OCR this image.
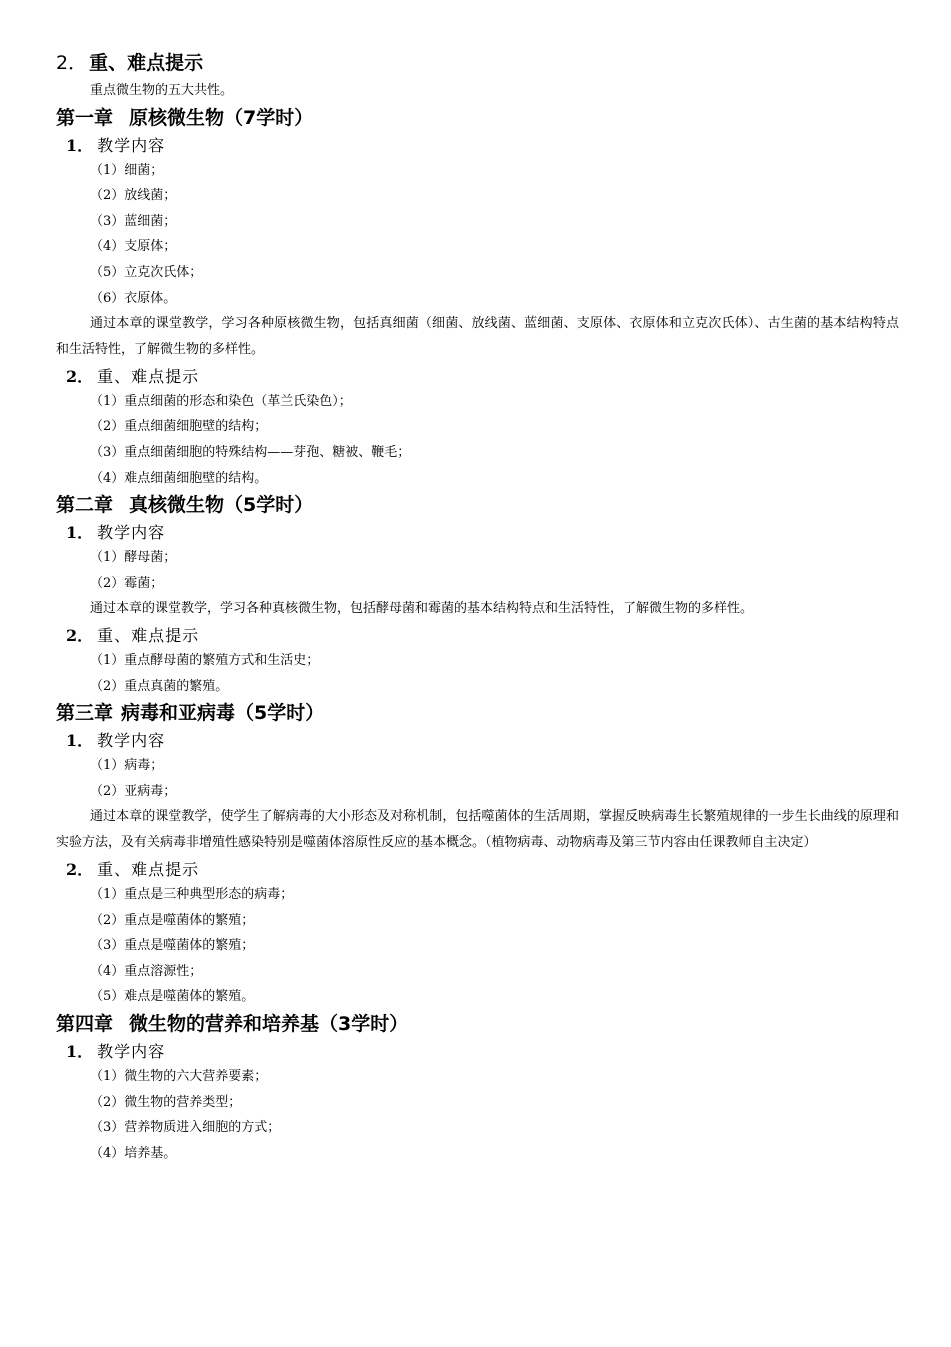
2． 重、难点提示
重点微生物的五大共性。
第一章 原核微生物（7学时）
1． 教学内容
（1）细菌；
（2）放线菌；
（3）蓝细菌；
（4）支原体；
（5）立克次氏体；
（6）衣原体。

通过本章的课堂教学，学习各种原核微生物，包括真细菌（细菌、放线菌、蓝细菌、支原体、衣原体和立克次氏体）、古生菌的基本结构特点和生活特性，了解微生物的多样性。

2． 重、难点提示
（1）重点细菌的形态和染色（革兰氏染色）；
（2）重点细菌细胞壁的结构；
（3）重点细菌细胞的特殊结构——芽孢、糖被、鞭毛；
（4）难点细菌细胞壁的结构。
第二章 真核微生物（5学时）
1． 教学内容
（1）酵母菌；
（2）霉菌；

通过本章的课堂教学，学习各种真核微生物，包括酵母菌和霉菌的基本结构特点和生活特性，了解微生物的多样性。

2． 重、难点提示
（1）重点酵母菌的繁殖方式和生活史；
（2）重点真菌的繁殖。
第三章 病毒和亚病毒（5学时）
1． 教学内容
（1）病毒；
（2）亚病毒；

通过本章的课堂教学，使学生了解病毒的大小形态及对称机制，包括噬菌体的生活周期，掌握反映病毒生长繁殖规律的一步生长曲线的原理和实验方法，及有关病毒非增殖性感染特别是噬菌体溶原性反应的基本概念。（植物病毒、动物病毒及第三节内容由任课教师自主决定）

2． 重、难点提示
（1）重点是三种典型形态的病毒；
（2）重点是噬菌体的繁殖；
（3）重点是噬菌体的繁殖；
（4）重点溶源性；
（5）难点是噬菌体的繁殖。
第四章 微生物的营养和培养基（3学时）
1． 教学内容
（1）微生物的六大营养要素；
（2）微生物的营养类型；
（3）营养物质进入细胞的方式；
（4）培养基。
